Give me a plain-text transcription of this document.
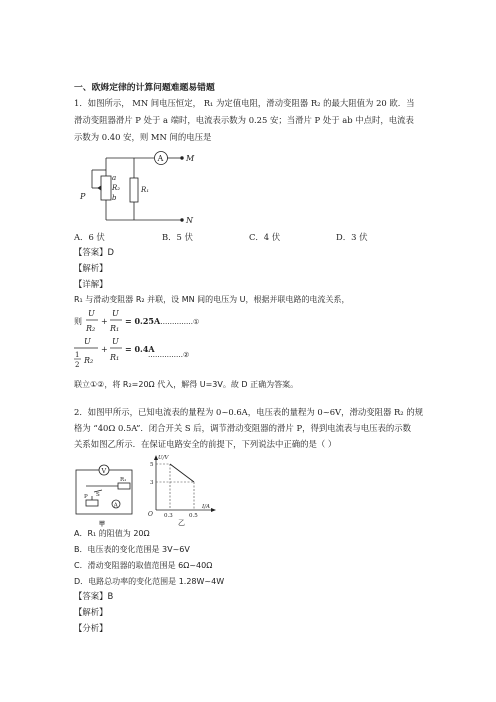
一、欧姆定律的计算问题难题易错题
1．如图所示， MN 间电压恒定， R₁ 为定值电阻，滑动变阻器 R₂ 的最大阻值为 20 欧．当
滑动变阻器滑片 P 处于 a 端时，电流表示数为 0.25 安；当滑片 P 处于 ab 中点时，电流表
示数为 0.40 安，则 MN 间的电压是
A	M
N
a
R₂
b
P
R₁
A．6 伏	B．5 伏	C．4 伏	D．3 伏
【答案】D
【解析】
【详解】
R₁ 与滑动变阻器 R₂ 并联，设 MN 间的电压为 U，根据并联电路的电流关系，
则
U
R₂
+
U
R₁
= 0.25A
……………①
U
1
2 R₂
+
U
R₁
= 0.4A
……………②
联立①②，将 R₂=20Ω 代入，解得 U=3V。故 D 正确为答案。
2．如图甲所示，已知电流表的量程为 0~0.6A，电压表的量程为 0~6V，滑动变阻器 R₂ 的规
格为 “40Ω 0.5A”．闭合开关 S 后，调节滑动变阻器的滑片 P，得到电流表与电压表的示数
关系如图乙所示．在保证电路安全的前提下，下列说法中正确的是（ ）
V
R₁
S
P
A
甲
U/V
I/A
5
3
O 0.3	0.5
乙
A．R₁ 的阻值为 20Ω
B．电压表的变化范围是 3V~6V
C．滑动变阻器的取值范围是 6Ω~40Ω
D．电路总功率的变化范围是 1.28W~4W
【答案】B
【解析】
【分析】
